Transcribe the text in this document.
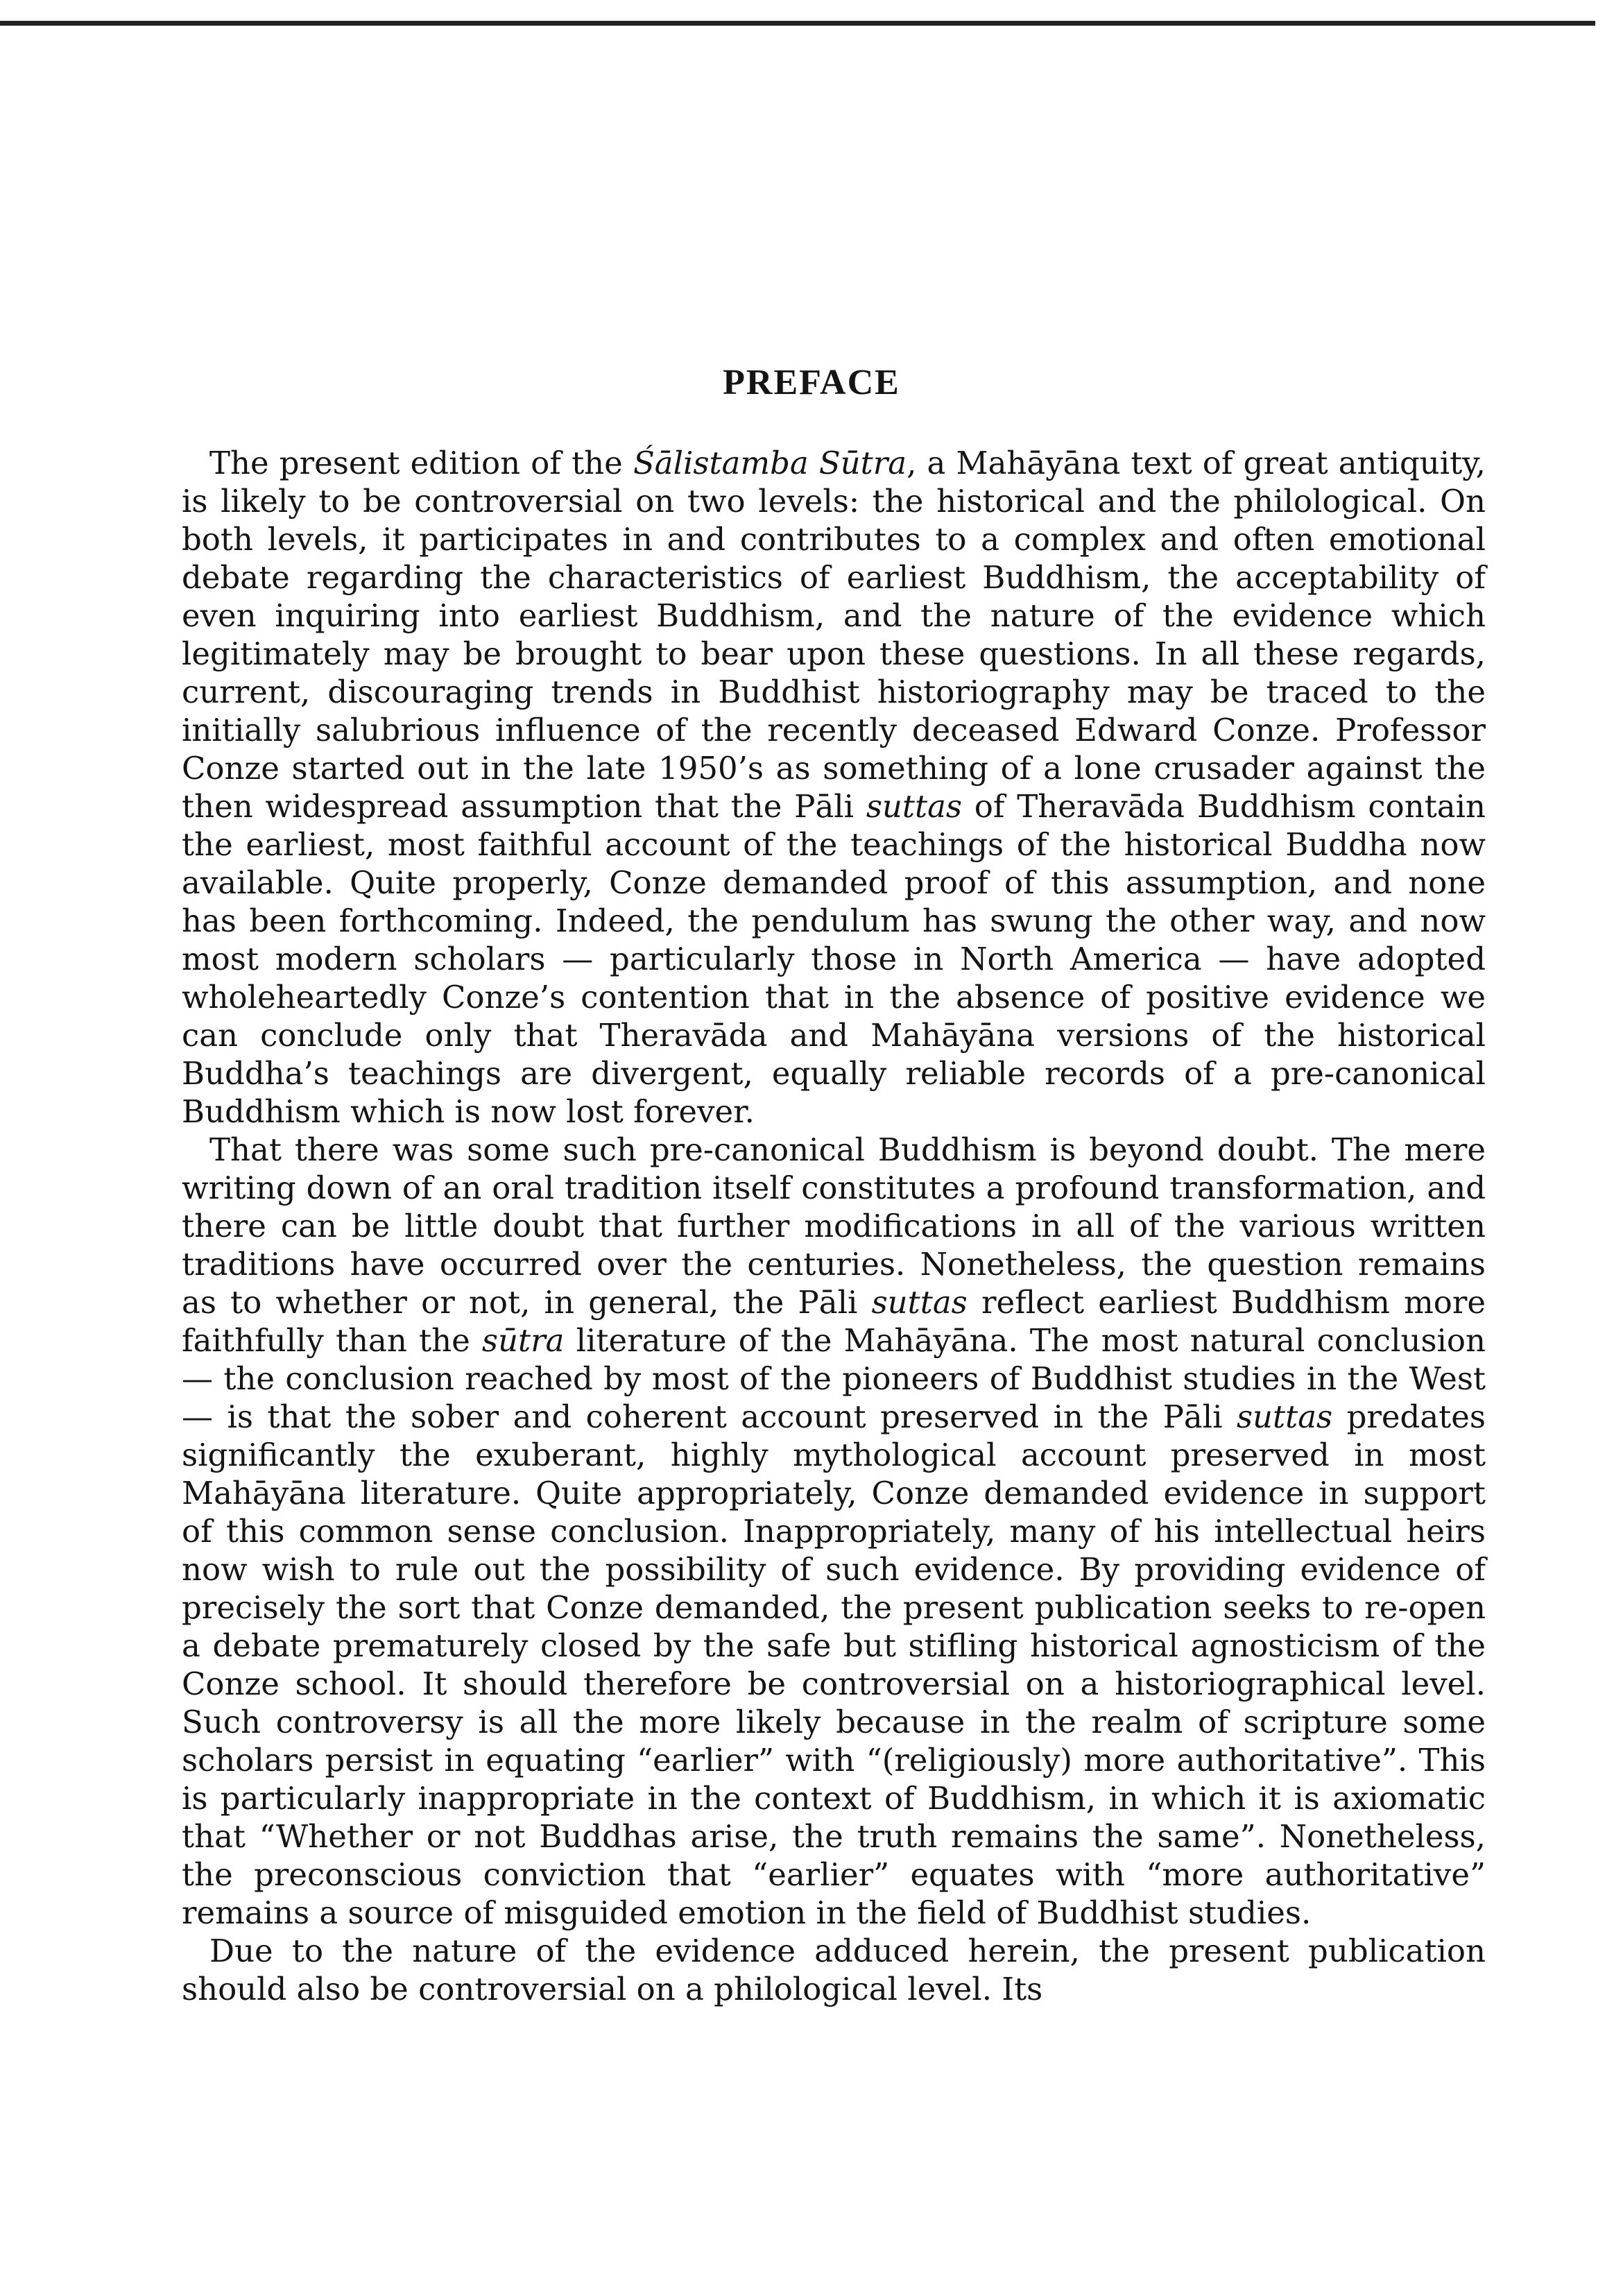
PREFACE

The present edition of the Śālistamba Sūtra, a Mahāyāna text of great antiquity, is likely to be controversial on two levels: the historical and the philological. On both levels, it participates in and contributes to a complex and often emotional debate regarding the characteristics of earliest Buddhism, the acceptability of even inquiring into earliest Buddhism, and the nature of the evidence which legitimately may be brought to bear upon these questions. In all these regards, current, discouraging trends in Buddhist historiography may be traced to the initially salubrious influence of the recently deceased Edward Conze. Professor Conze started out in the late 1950’s as something of a lone crusader against the then widespread assumption that the Pāli suttas of Theravāda Buddhism contain the earliest, most faithful account of the teachings of the historical Buddha now available. Quite properly, Conze demanded proof of this assumption, and none has been forthcoming. Indeed, the pendulum has swung the other way, and now most modern scholars — particularly those in North America — have adopted wholeheartedly Conze’s contention that in the absence of positive evidence we can conclude only that Theravāda and Mahāyāna versions of the historical Buddha’s teachings are divergent, equally reliable records of a pre-canonical Buddhism which is now lost forever.

That there was some such pre-canonical Buddhism is beyond doubt. The mere writing down of an oral tradition itself constitutes a profound transformation, and there can be little doubt that further modifications in all of the various written traditions have occurred over the centuries. Nonetheless, the question remains as to whether or not, in general, the Pāli suttas reflect earliest Buddhism more faithfully than the sūtra literature of the Mahāyāna. The most natural conclusion — the conclusion reached by most of the pioneers of Buddhist studies in the West — is that the sober and coherent account preserved in the Pāli suttas predates significantly the exuberant, highly mythological account preserved in most Mahāyāna literature. Quite appropriately, Conze demanded evidence in support of this common sense conclusion. Inappropriately, many of his intellectual heirs now wish to rule out the possibility of such evidence. By providing evidence of precisely the sort that Conze demanded, the present publication seeks to re-open a debate prematurely closed by the safe but stifling historical agnosticism of the Conze school. It should therefore be controversial on a historiographical level. Such controversy is all the more likely because in the realm of scripture some scholars persist in equating “earlier” with “(religiously) more authoritative”. This is particularly inappropriate in the context of Buddhism, in which it is axiomatic that “Whether or not Buddhas arise, the truth remains the same”. Nonetheless, the preconscious conviction that “earlier” equates with “more authoritative” remains a source of misguided emotion in the field of Buddhist studies.

Due to the nature of the evidence adduced herein, the present publication should also be controversial on a philological level. Its
